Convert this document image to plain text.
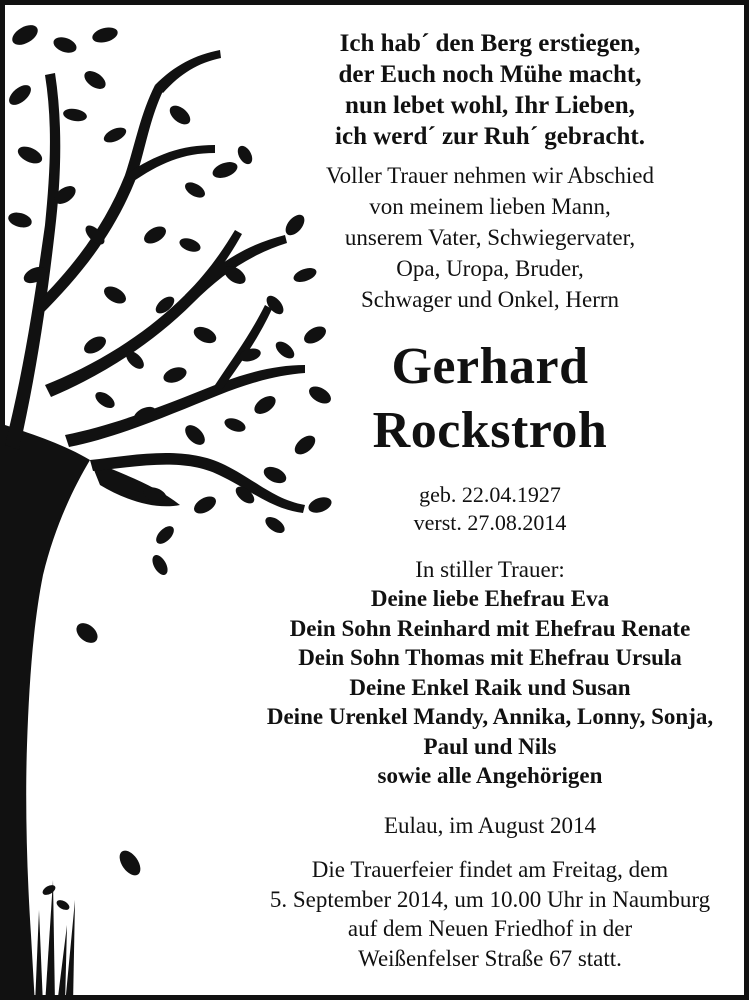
Ich hab´ den Berg erstiegen,
der Euch noch Mühe macht,
nun lebet wohl, Ihr Lieben,
ich werd´ zur Ruh´ gebracht.
Voller Trauer nehmen wir Abschied
von meinem lieben Mann,
unserem Vater, Schwiegervater,
Opa, Uropa, Bruder,
Schwager und Onkel, Herrn
Gerhard
Rockstroh
geb. 22.04.1927
verst. 27.08.2014
In stiller Trauer:
Deine liebe Ehefrau Eva
Dein Sohn Reinhard mit Ehefrau Renate
Dein Sohn Thomas mit Ehefrau Ursula
Deine Enkel Raik und Susan
Deine Urenkel Mandy, Annika, Lonny, Sonja,
Paul und Nils
sowie alle Angehörigen
Eulau, im August 2014
Die Trauerfeier findet am Freitag, dem
5. September 2014, um 10.00 Uhr in Naumburg
auf dem Neuen Friedhof in der
Weißenfelser Straße 67 statt.
